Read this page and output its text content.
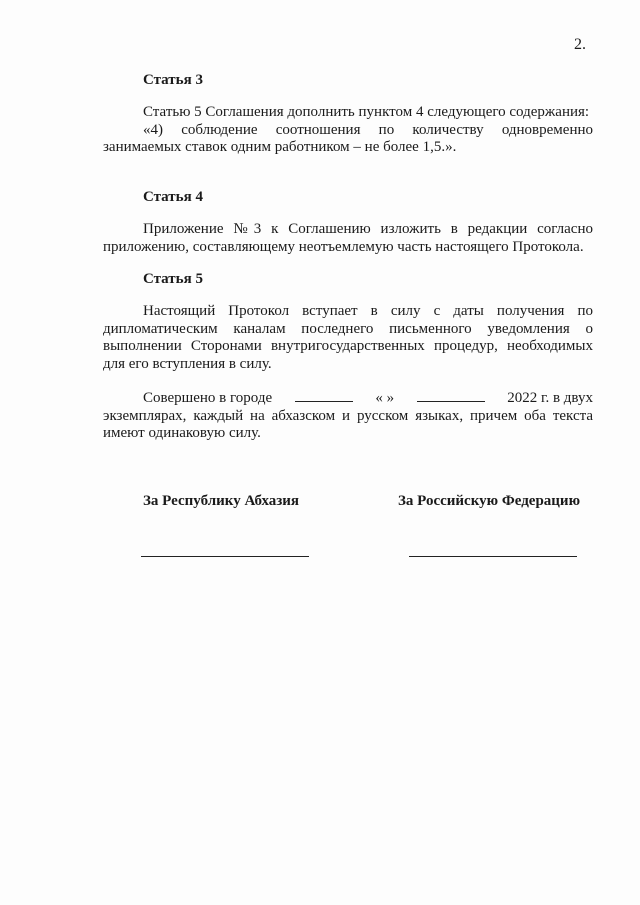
2.
Статья 3

Статью 5 Соглашения дополнить пунктом 4 следующего содержания:

«4) соблюдение соотношения по количеству одновременно занимаемых ставок одним работником – не более 1,5.».

Статья 4

Приложение №3 к Соглашению изложить в редакции согласно приложению, составляющему неотъемлемую часть настоящего Протокола.

Статья 5

Настоящий Протокол вступает в силу с даты получения по дипломатическим каналам последнего письменного уведомления о выполнении Сторонами внутригосударственных процедур, необходимых для его вступления в силу.

Совершено в городе	« »	2022 г. в двух
экземплярах, каждый на абхазском и русском языках, причем оба текста имеют одинаковую силу.
За Республику Абхазия	За Российскую Федерацию
